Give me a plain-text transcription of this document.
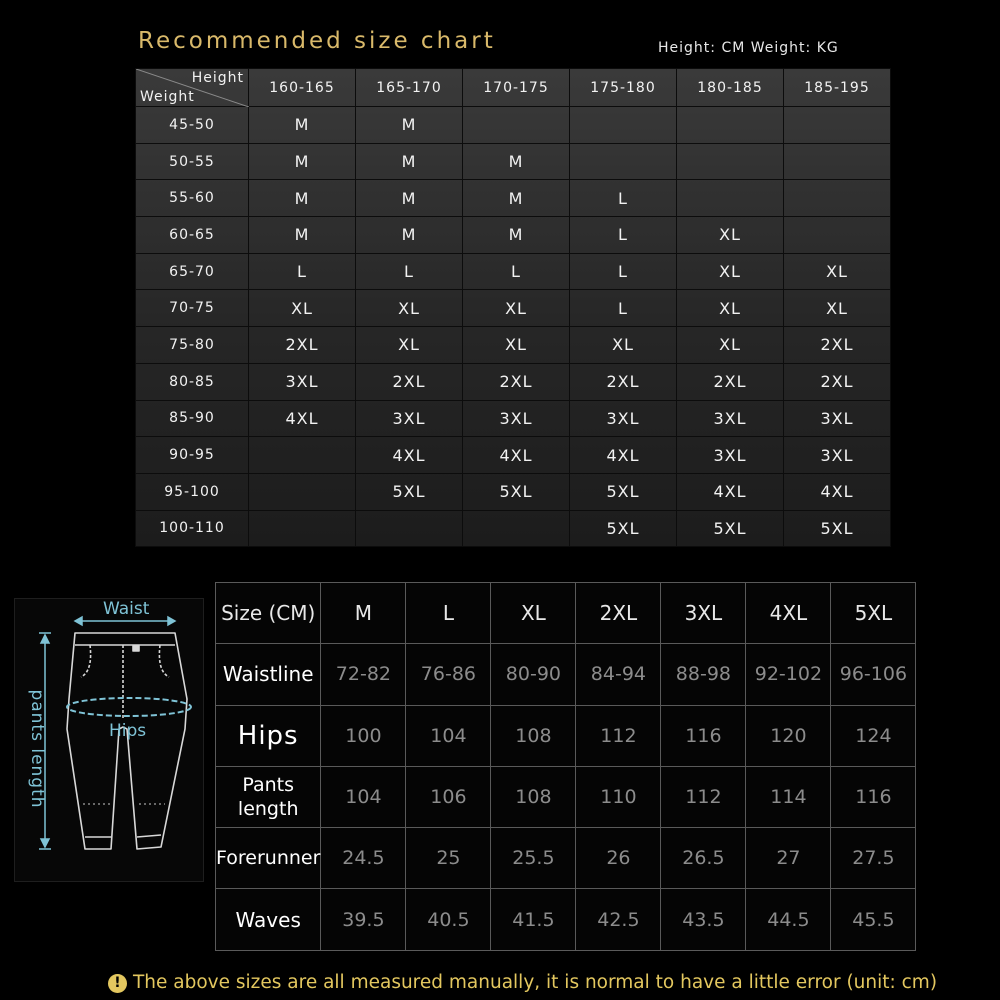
Recommended size chart	Height: CM Weight: KG
Height
Weight	160-165	165-170	170-175	175-180	180-185	185-195
45-50	M	M				
50-55	M	M	M			
55-60	M	M	M	L		
60-65	M	M	M	L	XL	
65-70	L	L	L	L	XL	XL
70-75	XL	XL	XL	L	XL	XL
75-80	2XL	XL	XL	XL	XL	2XL
80-85	3XL	2XL	2XL	2XL	2XL	2XL
85-90	4XL	3XL	3XL	3XL	3XL	3XL
90-95		4XL	4XL	4XL	3XL	3XL
95-100		5XL	5XL	5XL	4XL	4XL
100-110				5XL	5XL	5XL
Waist
Hips
pants length
Size (CM)	M	L	XL	2XL	3XL	4XL	5XL
Waistline	72-82	76-86	80-90	84-94	88-98	92-102	96-106
Hips	100	104	108	112	116	120	124
Pants length	104	106	108	110	112	114	116
Forerunner	24.5	25	25.5	26	26.5	27	27.5
Waves	39.5	40.5	41.5	42.5	43.5	44.5	45.5
! The above sizes are all measured manually, it is normal to have a little error (unit: cm)
